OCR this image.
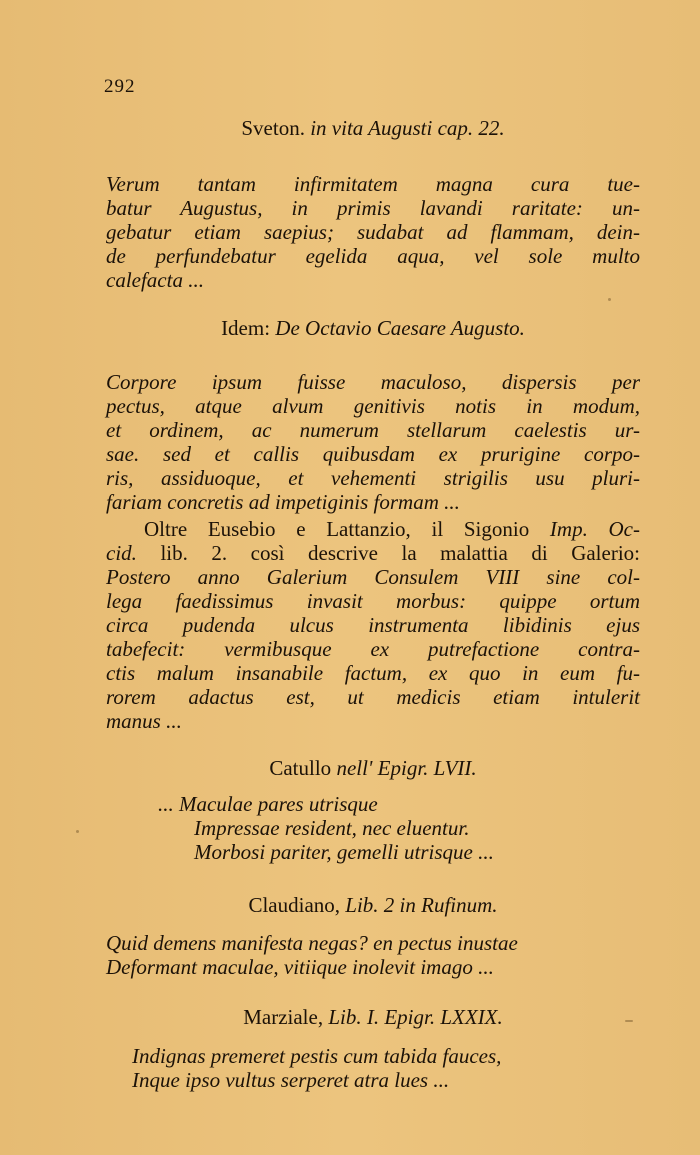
292
Sveton. in vita Augusti cap. 22.
Verum tantam infirmitatem magna cura tue-
batur Augustus, in primis lavandi raritate: un-
gebatur etiam saepius; sudabat ad flammam, dein-
de perfundebatur egelida aqua, vel sole multo
calefacta ...
Idem: De Octavio Caesare Augusto.
Corpore ipsum fuisse maculoso, dispersis per
pectus, atque alvum genitivis notis in modum,
et ordinem, ac numerum stellarum caelestis ur-
sae. sed et callis quibusdam ex prurigine corpo-
ris, assiduoque, et vehementi strigilis usu pluri-
fariam concretis ad impetiginis formam ...
Oltre Eusebio e Lattanzio, il Sigonio Imp. Oc-
cid. lib. 2. così descrive la malattia di Galerio:
Postero anno Galerium Consulem VIII sine col-
lega faedissimus invasit morbus: quippe ortum
circa pudenda ulcus instrumenta libidinis ejus
tabefecit: vermibusque ex putrefactione contra-
ctis malum insanabile factum, ex quo in eum fu-
rorem adactus est, ut medicis etiam intulerit
manus ...
Catullo nell' Epigr. LVII.
... Maculae pares utrisque
Impressae resident, nec eluentur.
Morbosi pariter, gemelli utrisque ...
Claudiano, Lib. 2 in Rufinum.
Quid demens manifesta negas? en pectus inustae
Deformant maculae, vitiique inolevit imago ...
Marziale, Lib. I. Epigr. LXXIX.
Indignas premeret pestis cum tabida fauces,
Inque ipso vultus serperet atra lues ...
